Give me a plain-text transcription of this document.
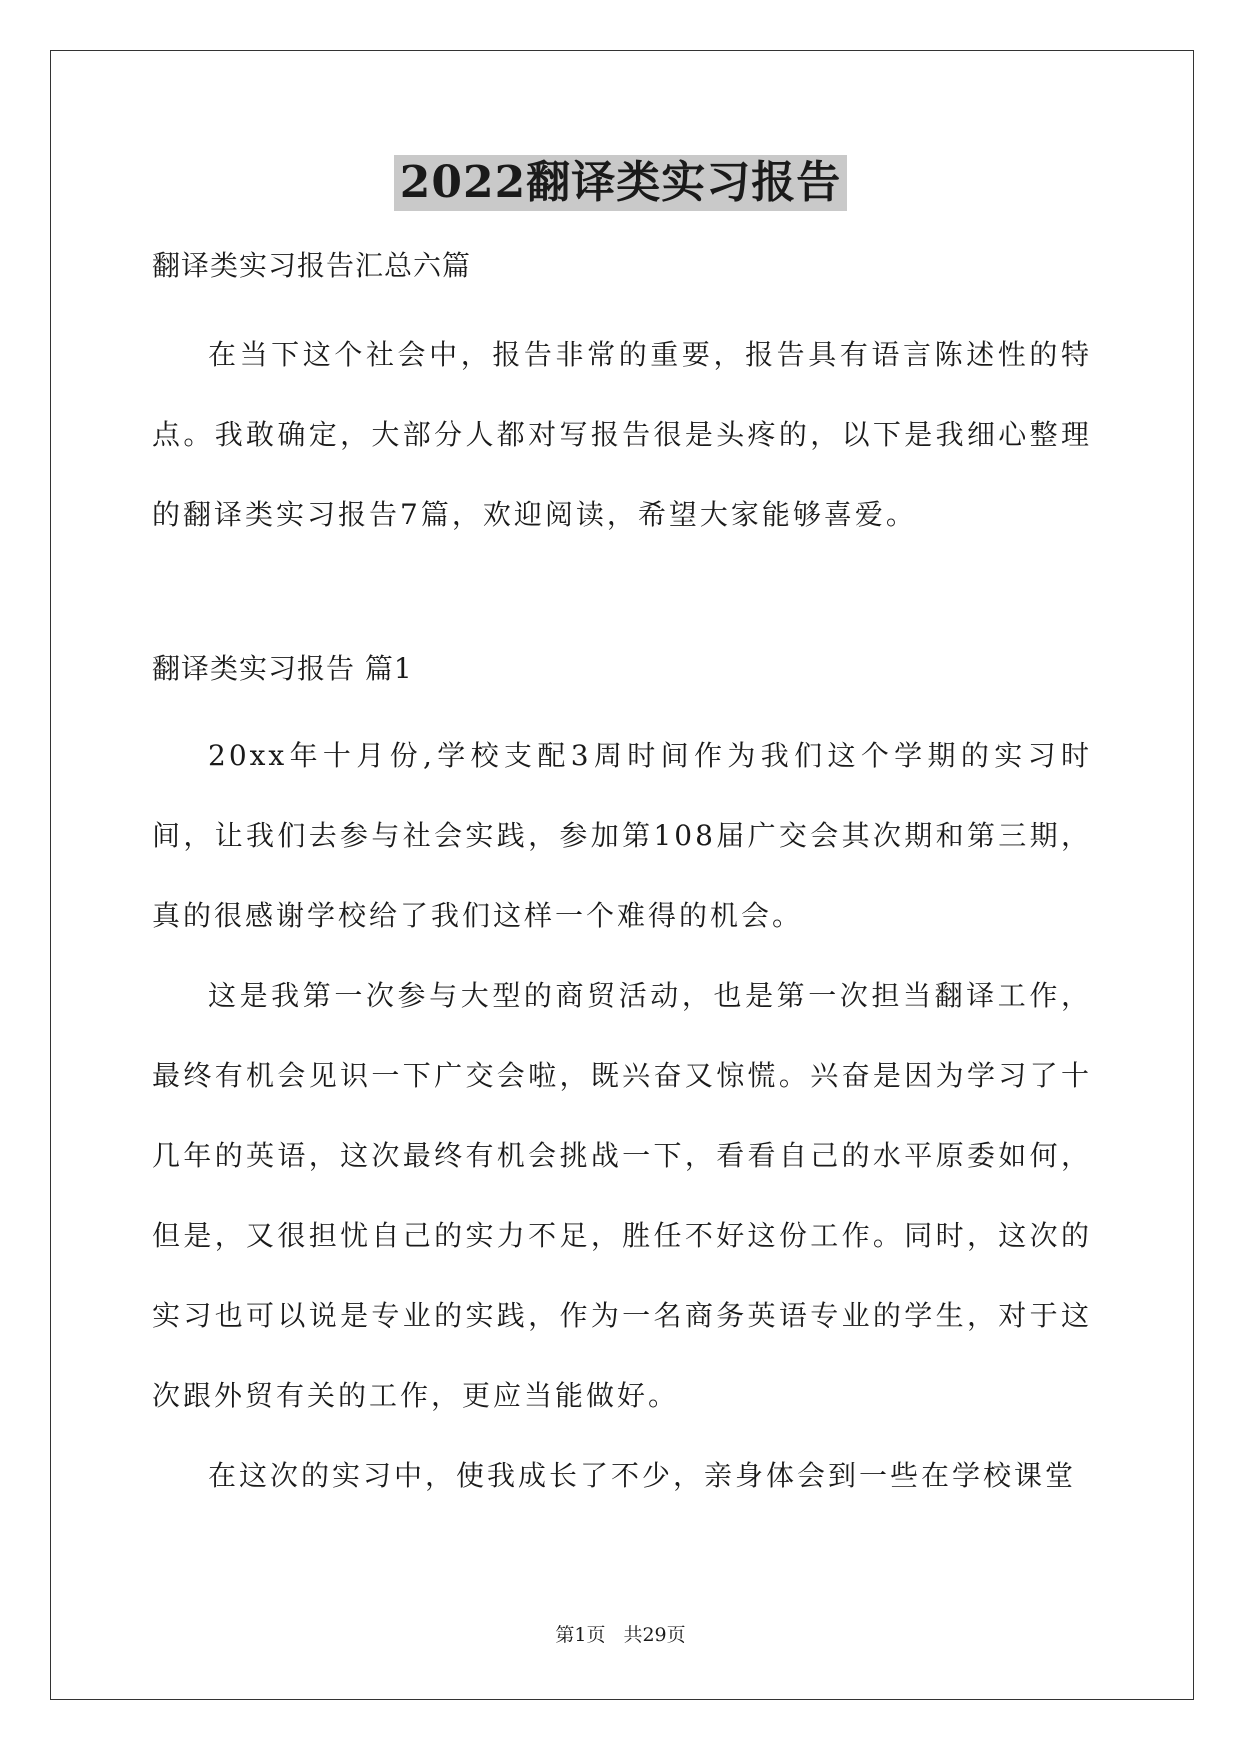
2022翻译类实习报告

翻译类实习报告汇总六篇

在当下这个社会中，报告非常的重要，报告具有语言陈述性的特点。我敢确定，大部分人都对写报告很是头疼的，以下是我细心整理的翻译类实习报告7篇，欢迎阅读，希望大家能够喜爱。

翻译类实习报告 篇1

20xx年十月份,学校支配3周时间作为我们这个学期的实习时间，让我们去参与社会实践，参加第108届广交会其次期和第三期，真的很感谢学校给了我们这样一个难得的机会。

这是我第一次参与大型的商贸活动，也是第一次担当翻译工作，最终有机会见识一下广交会啦，既兴奋又惊慌。兴奋是因为学习了十几年的英语，这次最终有机会挑战一下，看看自己的水平原委如何，但是，又很担忧自己的实力不足，胜任不好这份工作。同时，这次的实习也可以说是专业的实践，作为一名商务英语专业的学生，对于这次跟外贸有关的工作，更应当能做好。

在这次的实习中，使我成长了不少，亲身体会到一些在学校课堂

第1页 共29页
